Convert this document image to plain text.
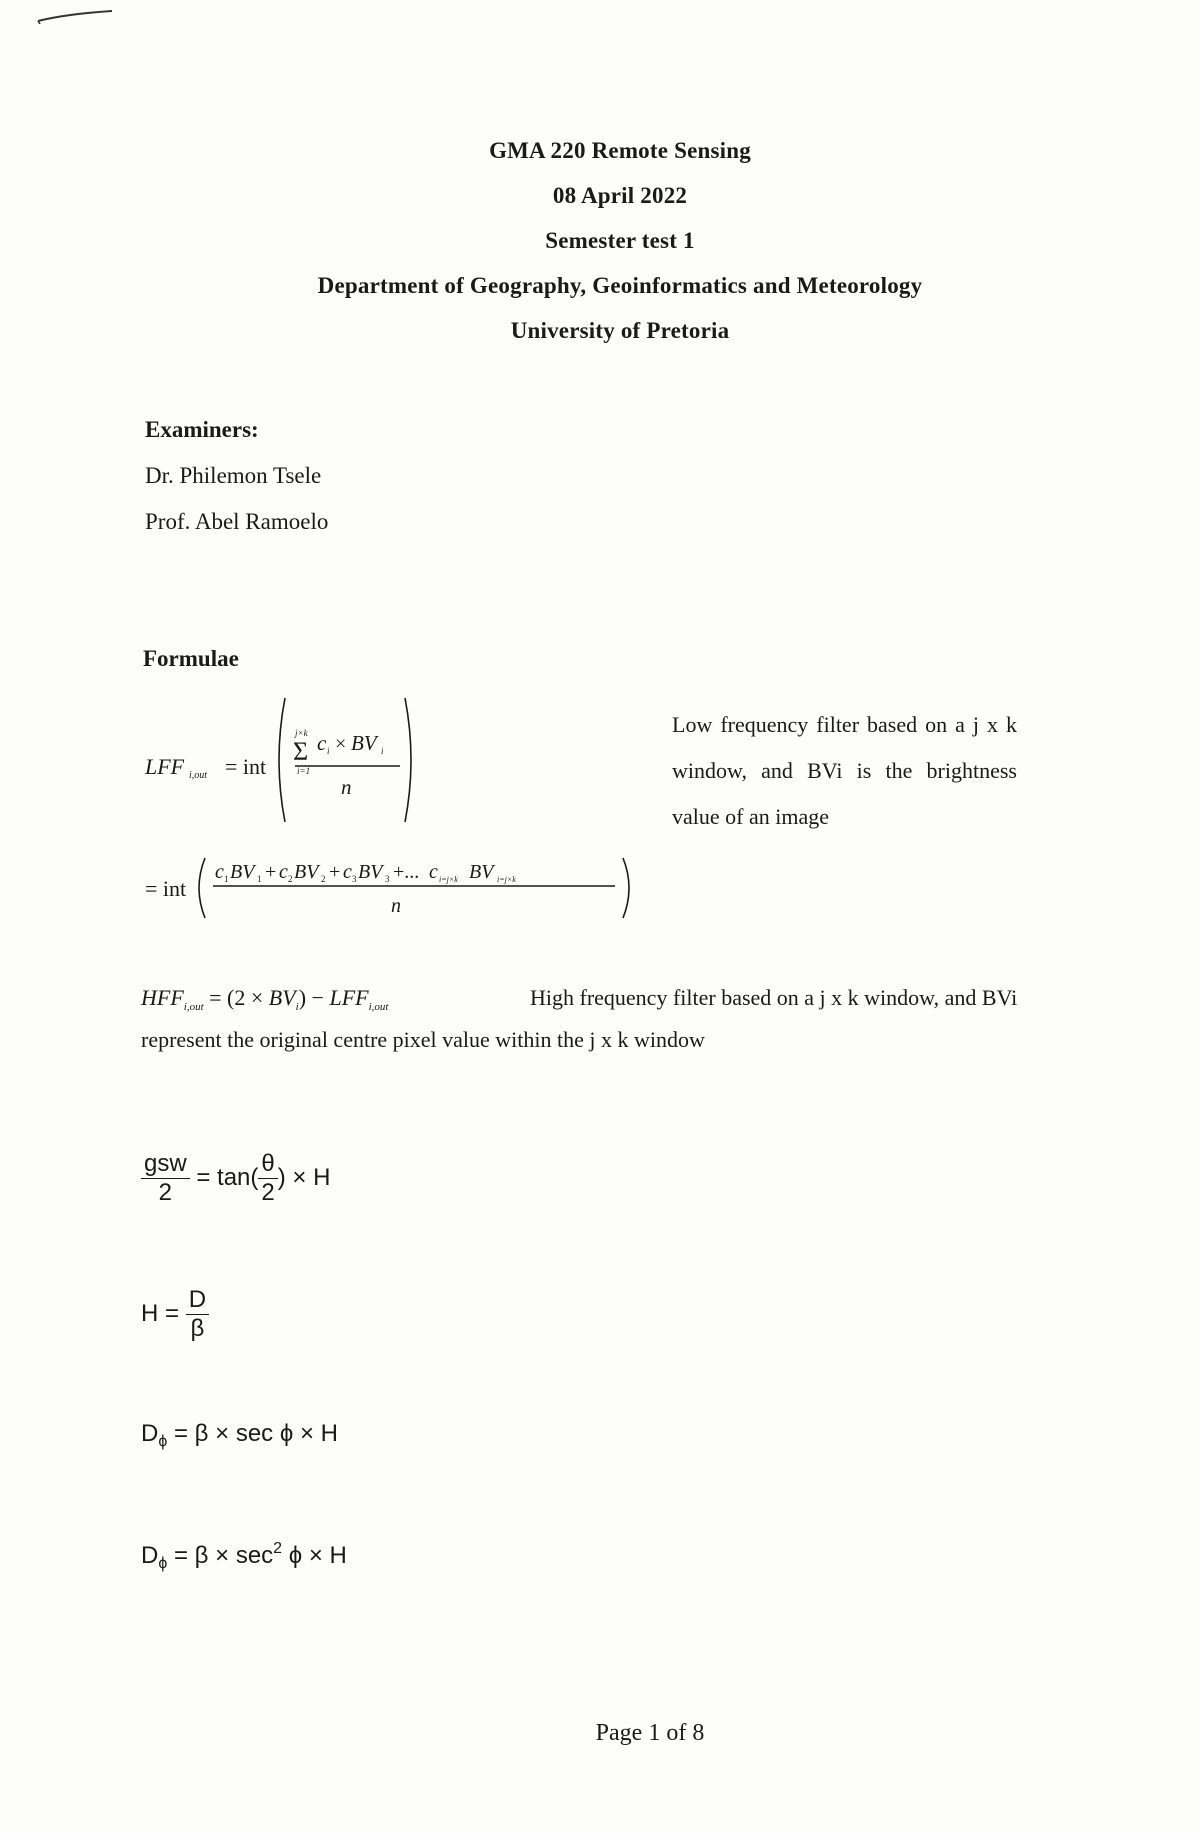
GMA 220 Remote Sensing
08 April 2022
Semester test 1
Department of Geography, Geoinformatics and Meteorology
University of Pretoria
Examiners:
Dr. Philemon Tsele
Prof. Abel Ramoelo
Formulae
LFF i,out = int
j×k
Σ
i=1
c i × BV i
n
= int
c 1 BV 1 + c 2 BV 2 + c 3 BV 3 +... c i=j×k BV i=j×k
n
Low frequency filter based on a j x k window, and BVi is the brightness value of an image
$HFF_{i,out} = (2 \times BV_i) - LFF_{i,out}$	High frequency filter based on a j x k window, and BVi
represent the original centre pixel value within the j x k window
$\frac{\text{gsw}}{2} = \tan( \frac{\theta}{2}$ ) × H
$H = \frac{D}{\beta}$
$D_\phi = \beta \times \sec \phi \times H$
$D_\phi = \beta \times \sec^2 \phi \times H$
Page 1 of 8
